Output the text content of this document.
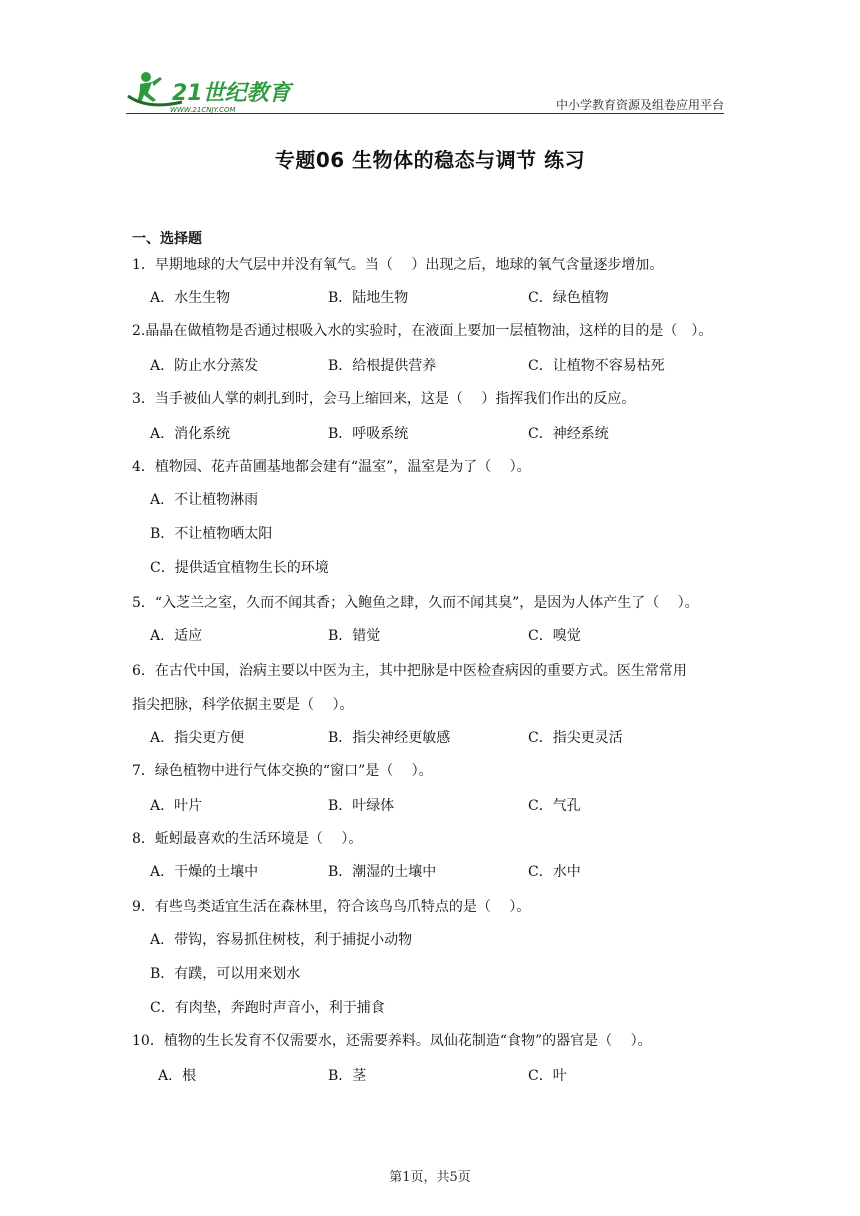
21世纪教育
WWW.21CNJY.COM	中小学教育资源及组卷应用平台
专题06 生物体的稳态与调节 练习
一、选择题
1．早期地球的大气层中并没有氧气。当（　 ）出现之后，地球的氧气含量逐步增加。
A．水生生物	B．陆地生物	C．绿色植物
2.晶晶在做植物是否通过根吸入水的实验时，在液面上要加一层植物油，这样的目的是（　）。
A．防止水分蒸发	B．给根提供营养	C．让植物不容易枯死
3．当手被仙人掌的刺扎到时，会马上缩回来，这是（　 ）指挥我们作出的反应。
A．消化系统	B．呼吸系统	C．神经系统
4．植物园、花卉苗圃基地都会建有“温室”，温室是为了（　 ）。
A．不让植物淋雨
B．不让植物晒太阳
C．提供适宜植物生长的环境
5．“入芝兰之室，久而不闻其香；入鲍鱼之肆，久而不闻其臭”，是因为人体产生了（　 ）。
A．适应	B．错觉	C．嗅觉
6．在古代中国，治病主要以中医为主，其中把脉是中医检查病因的重要方式。医生常常用
指尖把脉，科学依据主要是（　 ）。
A．指尖更方便	B．指尖神经更敏感	C．指尖更灵活
7．绿色植物中进行气体交换的“窗口”是（　 ）。
A．叶片	B．叶绿体	C．气孔
8．蚯蚓最喜欢的生活环境是（　 ）。
A．干燥的土壤中	B．潮湿的土壤中	C．水中
9．有些鸟类适宜生活在森林里，符合该鸟鸟爪特点的是（　 ）。
A．带钩，容易抓住树枝，利于捕捉小动物
B．有蹼，可以用来划水
C．有肉垫，奔跑时声音小，利于捕食
10．植物的生长发育不仅需要水，还需要养料。凤仙花制造“食物”的器官是（　 ）。
A．根	B．茎	C．叶
第1页，共5页
